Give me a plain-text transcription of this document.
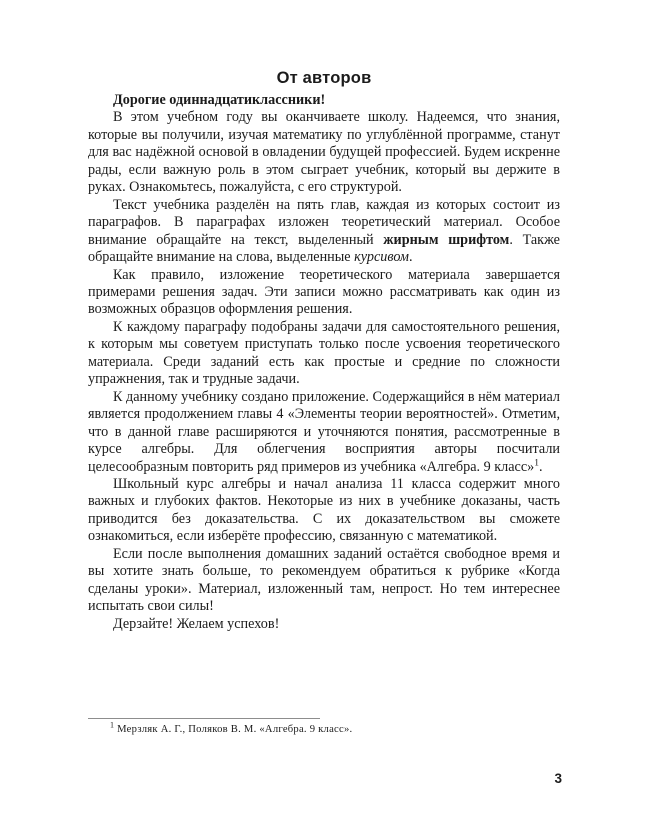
От авторов

Дорогие одиннадцатиклассники!

В этом учебном году вы оканчиваете школу. Надеемся, что знания, которые вы получили, изучая математику по углублённой программе, станут для вас надёжной основой в овладении будущей профессией. Будем искренне рады, если важную роль в этом сыграет учебник, который вы держите в руках. Ознакомьтесь, пожалуйста, с его структурой.

Текст учебника разделён на пять глав, каждая из которых состоит из параграфов. В параграфах изложен теоретический материал. Особое внимание обращайте на текст, выделенный жирным шрифтом. Также обращайте внимание на слова, выделенные курсивом.

Как правило, изложение теоретического материала завершается примерами решения задач. Эти записи можно рассматривать как один из возможных образцов оформления решения.

К каждому параграфу подобраны задачи для самостоятельного решения, к которым мы советуем приступать только после усвоения теоретического материала. Среди заданий есть как простые и средние по сложности упражнения, так и трудные задачи.

К данному учебнику создано приложение. Содержащийся в нём материал является продолжением главы 4 «Элементы теории вероятностей». Отметим, что в данной главе расширяются и уточняются понятия, рассмотренные в курсе алгебры. Для облегчения восприятия авторы посчитали целесообразным повторить ряд примеров из учебника «Алгебра. 9 класс»$^1$.

Школьный курс алгебры и начал анализа 11 класса содержит много важных и глубоких фактов. Некоторые из них в учебнике доказаны, часть приводится без доказательства. С их доказательством вы сможете ознакомиться, если изберёте профессию, связанную с математикой.

Если после выполнения домашних заданий остаётся свободное время и вы хотите знать больше, то рекомендуем обратиться к рубрике «Когда сделаны уроки». Материал, изложенный там, непрост. Но тем интереснее испытать свои силы!

Дерзайте! Желаем успехов!

$^1$ Мерзляк А. Г., Поляков В. М. «Алгебра. 9 класс».

3
